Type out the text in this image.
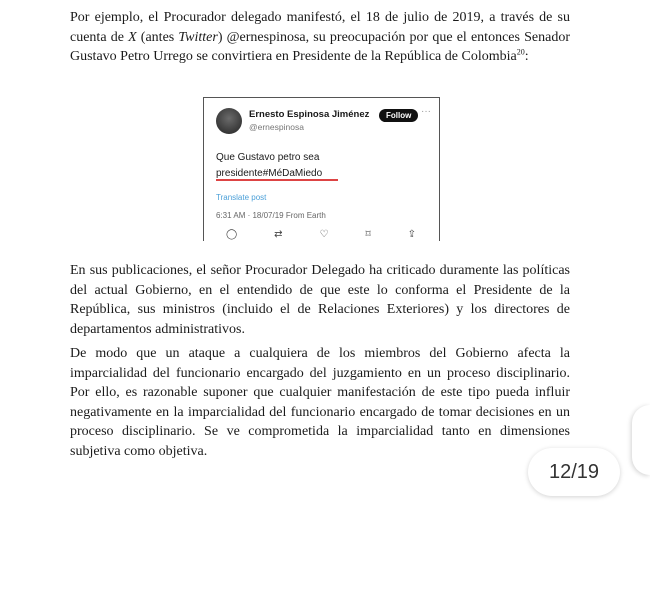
Por ejemplo, el Procurador delegado manifestó, el 18 de julio de 2019, a través de su cuenta de X (antes Twitter) @ernespinosa, su preocupación por que el entonces Senador Gustavo Petro Urrego se convirtiera en Presidente de la República de Colombia$^{20}$:
Ernesto Espinosa Jiménez
@ernespinosa
Follow ···
Que Gustavo petro sea
presidente#MéDaMiedo
Translate post
6:31 AM · 18/07/19 From Earth
◯	⇄	♡	⌑	⇪
En sus publicaciones, el señor Procurador Delegado ha criticado duramente las políticas del actual Gobierno, en el entendido de que este lo conforma el Presidente de la República, sus ministros (incluido el de Relaciones Exteriores) y los directores de departamentos administrativos.
De modo que un ataque a cualquiera de los miembros del Gobierno afecta la imparcialidad del funcionario encargado del juzgamiento en un proceso disciplinario. Por ello, es razonable suponer que cualquier manifestación de este tipo pueda influir negativamente en la imparcialidad del funcionario encargado de tomar decisiones en un proceso disciplinario. Se ve comprometida la imparcialidad tanto en dimensiones subjetiva como objetiva.
12/19
